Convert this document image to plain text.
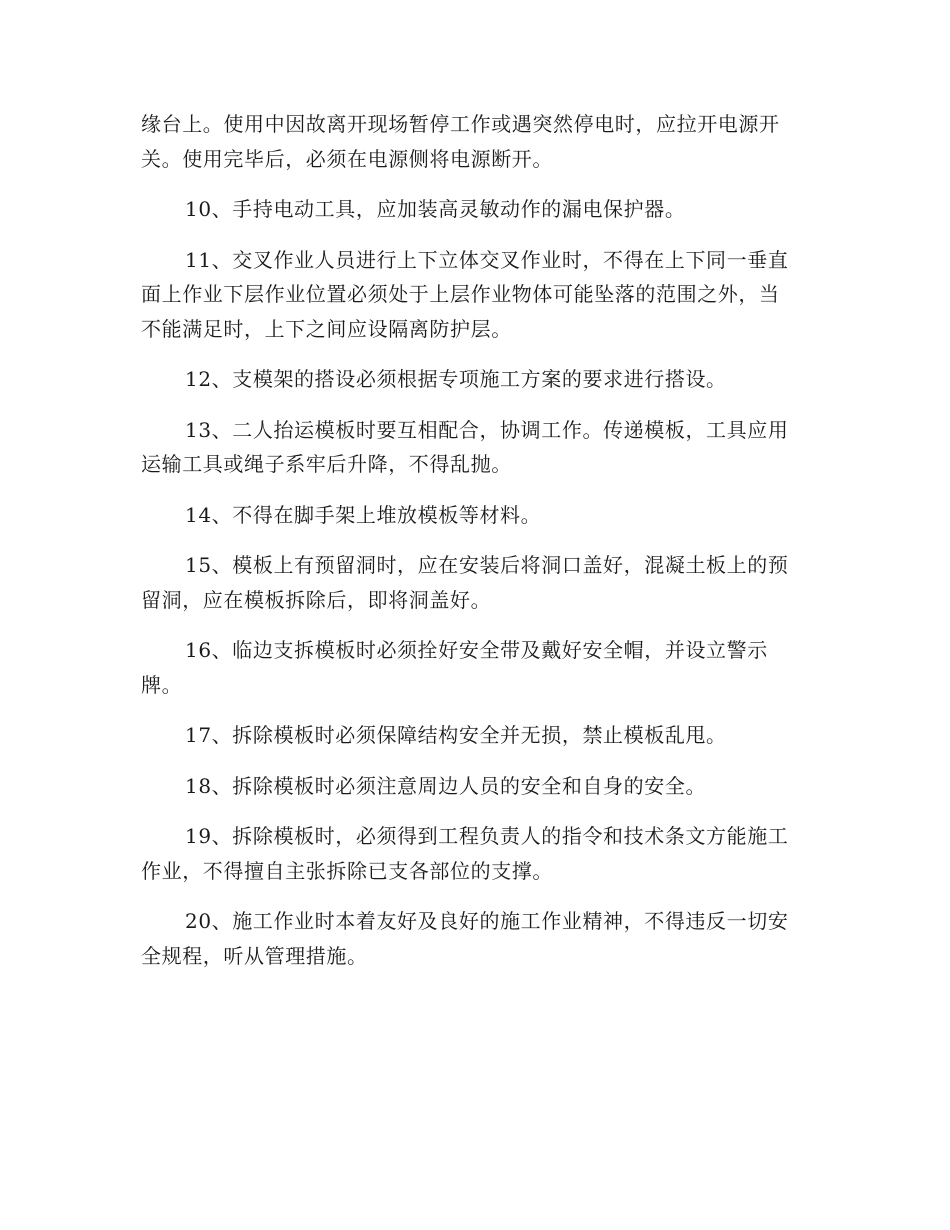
缘台上。使用中因故离开现场暂停工作或遇突然停电时，应拉开电源开关。使用完毕后，必须在电源侧将电源断开。

10、手持电动工具，应加装高灵敏动作的漏电保护器。

11、交叉作业人员进行上下立体交叉作业时，不得在上下同一垂直面上作业下层作业位置必须处于上层作业物体可能坠落的范围之外，当不能满足时，上下之间应设隔离防护层。

12、支模架的搭设必须根据专项施工方案的要求进行搭设。

13、二人抬运模板时要互相配合，协调工作。传递模板，工具应用运输工具或绳子系牢后升降，不得乱抛。

14、不得在脚手架上堆放模板等材料。

15、模板上有预留洞时，应在安装后将洞口盖好，混凝土板上的预留洞，应在模板拆除后，即将洞盖好。

16、临边支拆模板时必须拴好安全带及戴好安全帽，并设立警示牌。

17、拆除模板时必须保障结构安全并无损，禁止模板乱甩。

18、拆除模板时必须注意周边人员的安全和自身的安全。

19、拆除模板时，必须得到工程负责人的指令和技术条文方能施工作业，不得擅自主张拆除已支各部位的支撑。

20、施工作业时本着友好及良好的施工作业精神，不得违反一切安全规程，听从管理措施。
